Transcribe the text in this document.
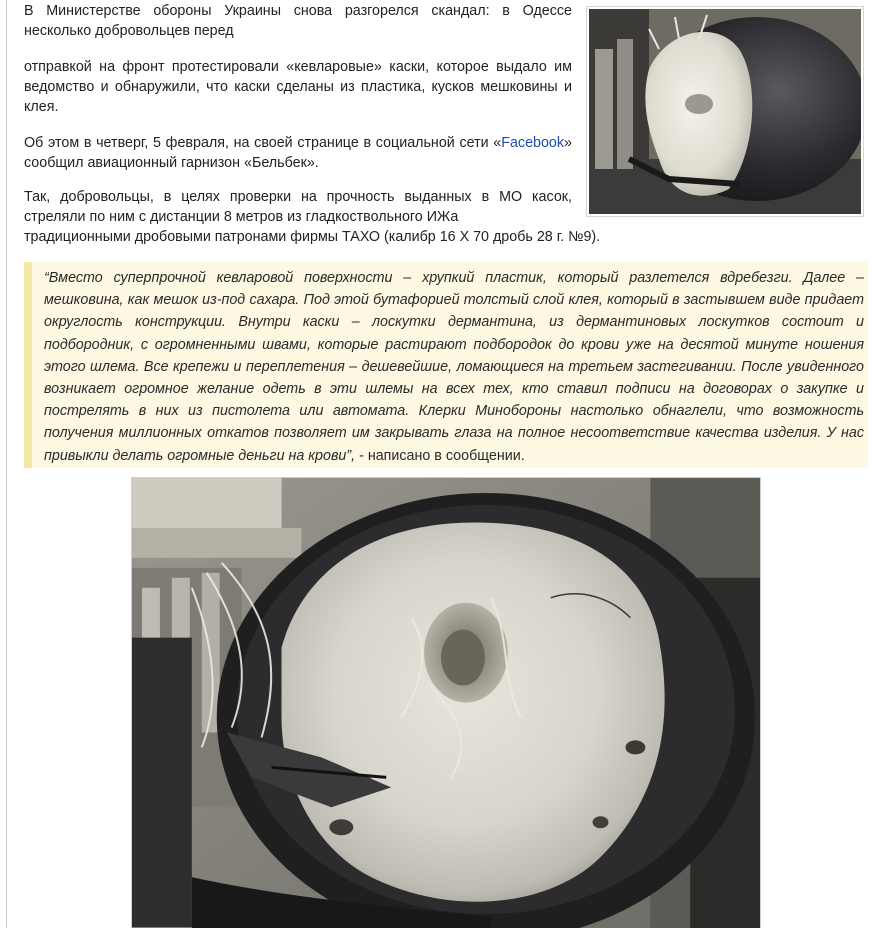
В Министерстве обороны Украины снова разгорелся скандал: в Одессе несколько добровольцев перед

отправкой на фронт протестировали «кевларовые» каски, которое выдало им ведомство и обнаружили, что каски сделаны из пластика, кусков мешковины и клея.

Об этом в четверг, 5 февраля, на своей странице в социальной сети «Facebook» сообщил авиационный гарнизон «Бельбек».

Так, добровольцы, в целях проверки на прочность выданных в МО касок, стреляли по ним с дистанции 8 метров из гладкоствольного ИЖа

традиционными дробовыми патронами фирмы ТАХО (калибр 16 Х 70 дробь 28 г. №9).

“Вместо суперпрочной кевларовой поверхности – хрупкий пластик, который разлетелся вдребезги. Далее – мешковина, как мешок из-под сахара. Под этой бутафорией толстый слой клея, который в застывшем виде придает округлость конструкции. Внутри каски – лоскутки дермантина, из дермантиновых лоскутков состоит и подбородник, с огромненными швами, которые растирают подбородок до крови уже на десятой минуте ношения этого шлема. Все крепежи и переплетения – дешевейшие, ломающиеся на третьем застегивании. После увиденного возникает огромное желание одеть в эти шлемы на всех тех, кто ставил подписи на договорах о закупке и пострелять в них из пистолета или автомата. Клерки Минобороны настолько обнаглели, что возможность получения миллионных откатов позволяет им закрывать глаза на полное несоответствие качества изделия. У нас привыкли делать огромные деньги на крови”, - написано в сообщении.
